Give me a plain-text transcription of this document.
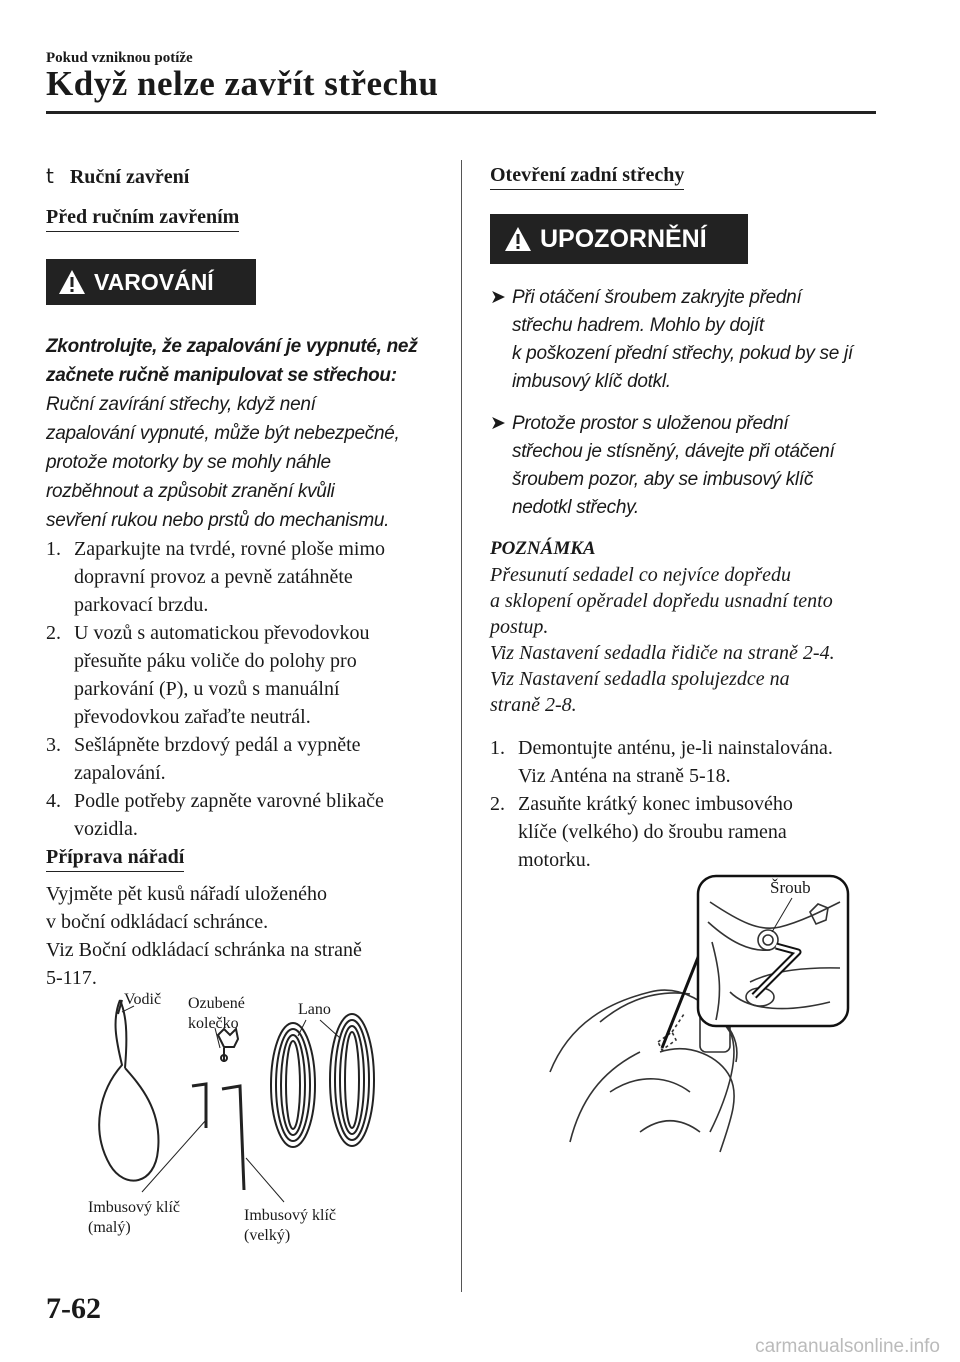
Pokud vzniknou potíže
Když nelze zavřít střechu
t Ruční zavření
Před ručním zavřením
VAROVÁNÍ
Zkontrolujte, že zapalování je vypnuté, než
začnete ručně manipulovat se střechou:
Ruční zavírání střechy, když není
zapalování vypnuté, může být nebezpečné,
protože motorky by se mohly náhle
rozběhnout a způsobit zranění kvůli
sevření rukou nebo prstů do mechanismu.
1. Zaparkujte na tvrdé, rovné ploše mimo
dopravní provoz a pevně zatáhněte
parkovací brzdu.
2. U vozů s automatickou převodovkou
přesuňte páku voliče do polohy pro
parkování (P), u vozů s manuální
převodovkou zařaďte neutrál.
3. Sešlápněte brzdový pedál a vypněte
zapalování.
4. Podle potřeby zapněte varovné blikače
vozidla.
Příprava nářadí
Vyjměte pět kusů nářadí uloženého
v boční odkládací schránce.
Viz Boční odkládací schránka na straně
5-117.
Vodič Ozubené
kolečko
Lano
Imbusový klíč
(malý)
Imbusový klíč
(velký)
Otevření zadní střechy
UPOZORNĚNÍ
➤ Při otáčení šroubem zakryjte přední
střechu hadrem. Mohlo by dojít
k poškození přední střechy, pokud by se jí
imbusový klíč dotkl.
➤ Protože prostor s uloženou přední
střechou je stísněný, dávejte při otáčení
šroubem pozor, aby se imbusový klíč
nedotkl střechy.
POZNÁMKA
Přesunutí sedadel co nejvíce dopředu
a sklopení opěradel dopředu usnadní tento
postup.
Viz Nastavení sedadla řidiče na straně 2-4.
Viz Nastavení sedadla spolujezdce na
straně 2-8.
1. Demontujte anténu, je-li nainstalována.
Viz Anténa na straně 5-18.
2. Zasuňte krátký konec imbusového
klíče (velkého) do šroubu ramena
motorku.
Šroub
7-62
carmanualsonline.info
